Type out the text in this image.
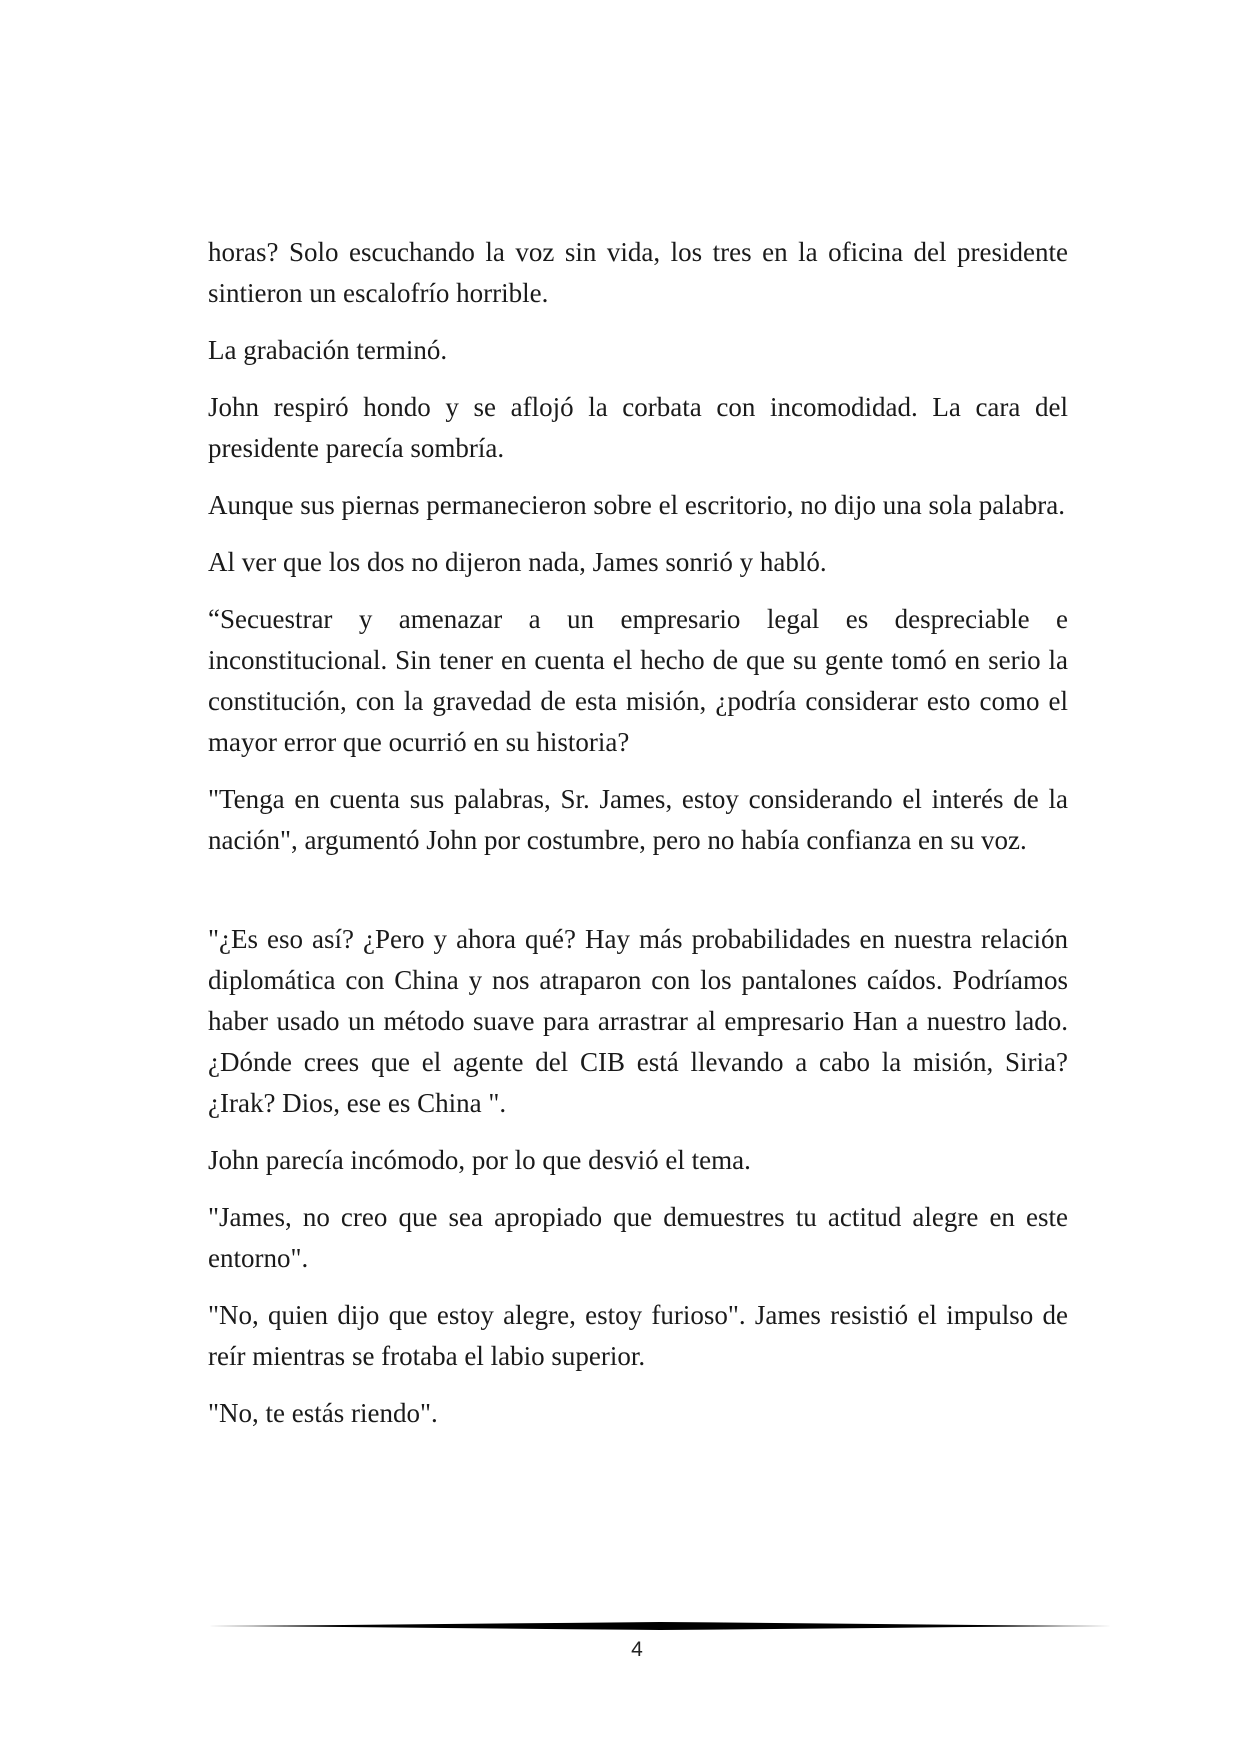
horas? Solo escuchando la voz sin vida, los tres en la oficina del presidente sintieron un escalofrío horrible.

La grabación terminó.

John respiró hondo y se aflojó la corbata con incomodidad. La cara del presidente parecía sombría.

Aunque sus piernas permanecieron sobre el escritorio, no dijo una sola palabra.

Al ver que los dos no dijeron nada, James sonrió y habló.

“Secuestrar y amenazar a un empresario legal es despreciable e inconstitucional. Sin tener en cuenta el hecho de que su gente tomó en serio la constitución, con la gravedad de esta misión, ¿podría considerar esto como el mayor error que ocurrió en su historia?

"Tenga en cuenta sus palabras, Sr. James, estoy considerando el interés de la nación", argumentó John por costumbre, pero no había confianza en su voz.

"¿Es eso así? ¿Pero y ahora qué? Hay más probabilidades en nuestra relación diplomática con China y nos atraparon con los pantalones caídos. Podríamos haber usado un método suave para arrastrar al empresario Han a nuestro lado. ¿Dónde crees que el agente del CIB está llevando a cabo la misión, Siria? ¿Irak? Dios, ese es China ".

John parecía incómodo, por lo que desvió el tema.

"James, no creo que sea apropiado que demuestres tu actitud alegre en este entorno".

"No, quien dijo que estoy alegre, estoy furioso". James resistió el impulso de reír mientras se frotaba el labio superior.

"No, te estás riendo".

4
